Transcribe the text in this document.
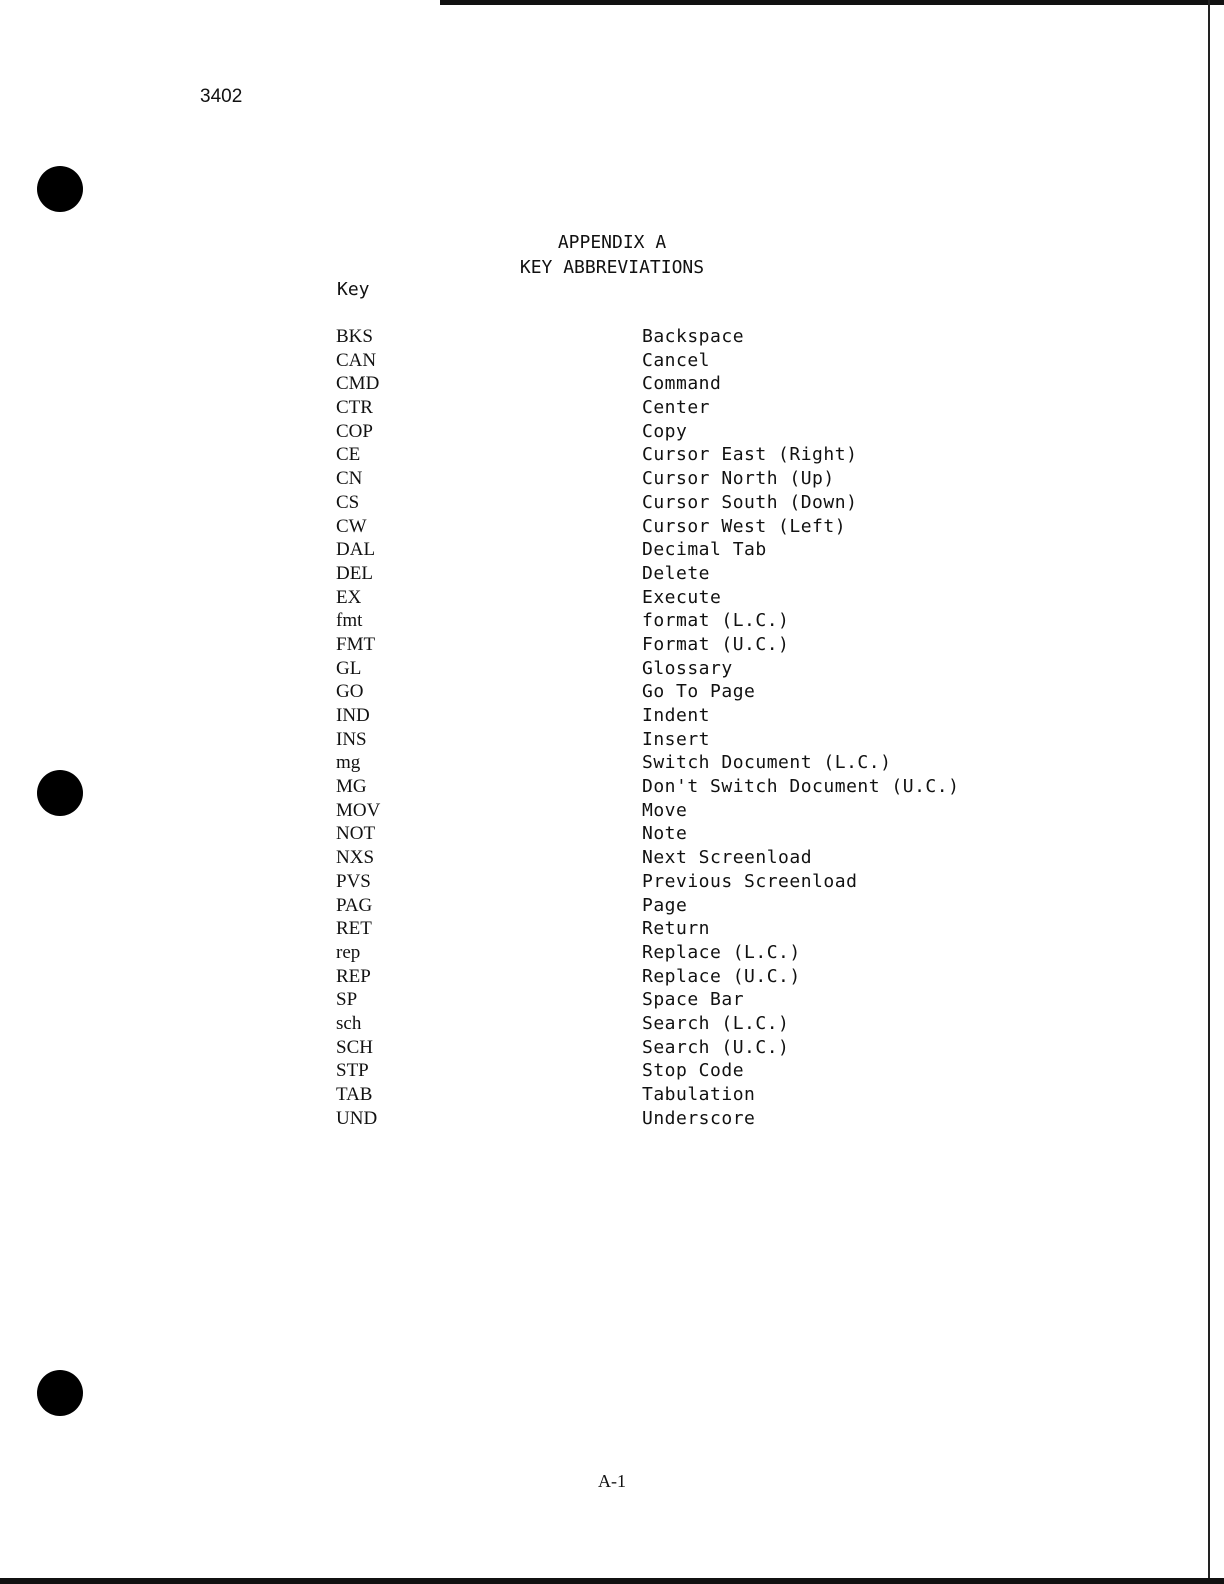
3402
APPENDIX A
KEY ABBREVIATIONS
Key
BKS	Backspace
CAN	Cancel
CMD	Command
CTR	Center
COP	Copy
CE	Cursor East (Right)
CN	Cursor North (Up)
CS	Cursor South (Down)
CW	Cursor West (Left)
DAL	Decimal Tab
DEL	Delete
EX	Execute
fmt	format (L.C.)
FMT	Format (U.C.)
GL	Glossary
GO	Go To Page
IND	Indent
INS	Insert
mg	Switch Document (L.C.)
MG	Don't Switch Document (U.C.)
MOV	Move
NOT	Note
NXS	Next Screenload
PVS	Previous Screenload
PAG	Page
RET	Return
rep	Replace (L.C.)
REP	Replace (U.C.)
SP	Space Bar
sch	Search (L.C.)
SCH	Search (U.C.)
STP	Stop Code
TAB	Tabulation
UND	Underscore
A-1
